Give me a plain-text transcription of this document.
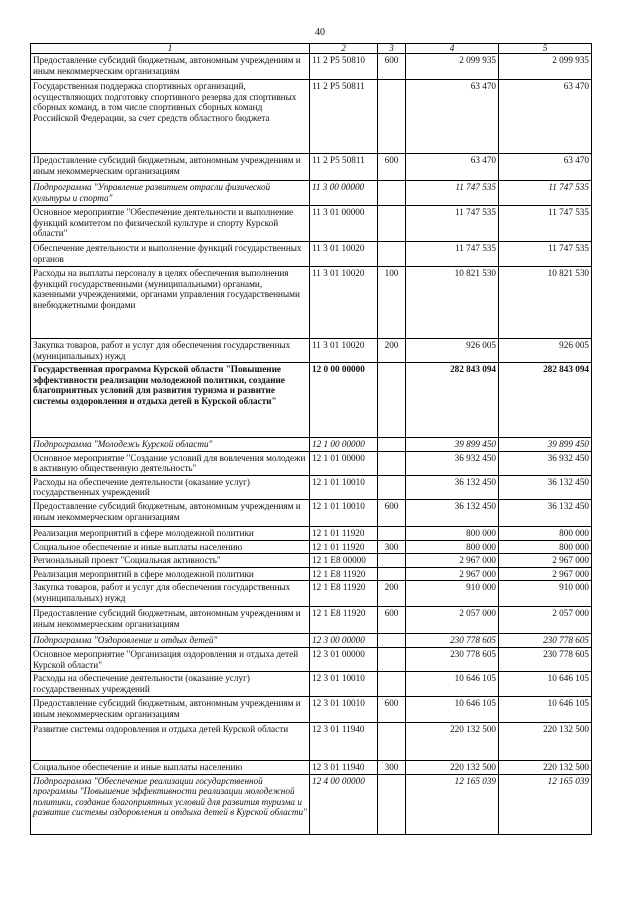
40
1	2	3	4	5
Предоставление субсидий бюджетным, автономным учреждениям и иным некоммерческим организациям	11 2 Р5 50810	600	2 099 935	2 099 935
Государственная поддержка спортивных организаций, осуществляющих подготовку спортивного резерва для спортивных сборных команд, в том числе спортивных сборных команд Российской Федерации, за счет средств областного бюджета	11 2 Р5 50811		63 470	63 470
Предоставление субсидий бюджетным, автономным учреждениям и иным некоммерческим организациям	11 2 Р5 50811	600	63 470	63 470
Подпрограмма "Управление развитием отрасли физической культуры и спорта"	11 3 00 00000		11 747 535	11 747 535
Основное мероприятие "Обеспечение деятельности и выполнение функций комитетом по физической культуре и спорту Курской области"	11 3 01 00000		11 747 535	11 747 535
Обеспечение деятельности и выполнение функций государственных органов	11 3 01 10020		11 747 535	11 747 535
Расходы на выплаты персоналу в целях обеспечения выполнения функций государственными (муниципальными) органами, казенными учреждениями, органами управления государственными внебюджетными фондами	11 3 01 10020	100	10 821 530	10 821 530
Закупка товаров, работ и услуг для обеспечения государственных (муниципальных) нужд	11 3 01 10020	200	926 005	926 005
Государственная программа Курской области "Повышение эффективности реализации молодежной политики, создание благоприятных условий для развития туризма и развитие системы оздоровления и отдыха детей в Курской области"	12 0 00 00000		282 843 094	282 843 094
Подпрограмма "Молодежь Курской области"	12 1 00 00000		39 899 450	39 899 450
Основное мероприятие "Создание условий для вовлечения молодежи в активную общественную деятельность"	12 1 01 00000		36 932 450	36 932 450
Расходы на обеспечение деятельности (оказание услуг) государственных учреждений	12 1 01 10010		36 132 450	36 132 450
Предоставление субсидий бюджетным, автономным учреждениям и иным некоммерческим организациям	12 1 01 10010	600	36 132 450	36 132 450
Реализация мероприятий в сфере молодежной политики	12 1 01 11920		800 000	800 000
Социальное обеспечение и иные выплаты населению	12 1 01 11920	300	800 000	800 000
Региональный проект "Социальная активность"	12 1 Е8 00000		2 967 000	2 967 000
Реализация мероприятий в сфере молодежной политики	12 1 Е8 11920		2 967 000	2 967 000
Закупка товаров, работ и услуг для обеспечения государственных (муниципальных) нужд	12 1 Е8 11920	200	910 000	910 000
Предоставление субсидий бюджетным, автономным учреждениям и иным некоммерческим организациям	12 1 Е8 11920	600	2 057 000	2 057 000
Подпрограмма "Оздоровление и отдых детей"	12 3 00 00000		230 778 605	230 778 605
Основное мероприятие "Организация оздоровления и отдыха детей Курской области"	12 3 01 00000		230 778 605	230 778 605
Расходы на обеспечение деятельности (оказание услуг) государственных учреждений	12 3 01 10010		10 646 105	10 646 105
Предоставление субсидий бюджетным, автономным учреждениям и иным некоммерческим организациям	12 3 01 10010	600	10 646 105	10 646 105
Развитие системы оздоровления и отдыха детей Курской области	12 3 01 11940		220 132 500	220 132 500
Социальное обеспечение и иные выплаты населению	12 3 01 11940	300	220 132 500	220 132 500
Подпрограмма "Обеспечение реализации государственной программы "Повышение эффективности реализации молодежной политики, создание благоприятных условий для развития туризма и развитие системы оздоровления и отдыха детей в Курской области"	12 4 00 00000		12 165 039	12 165 039
